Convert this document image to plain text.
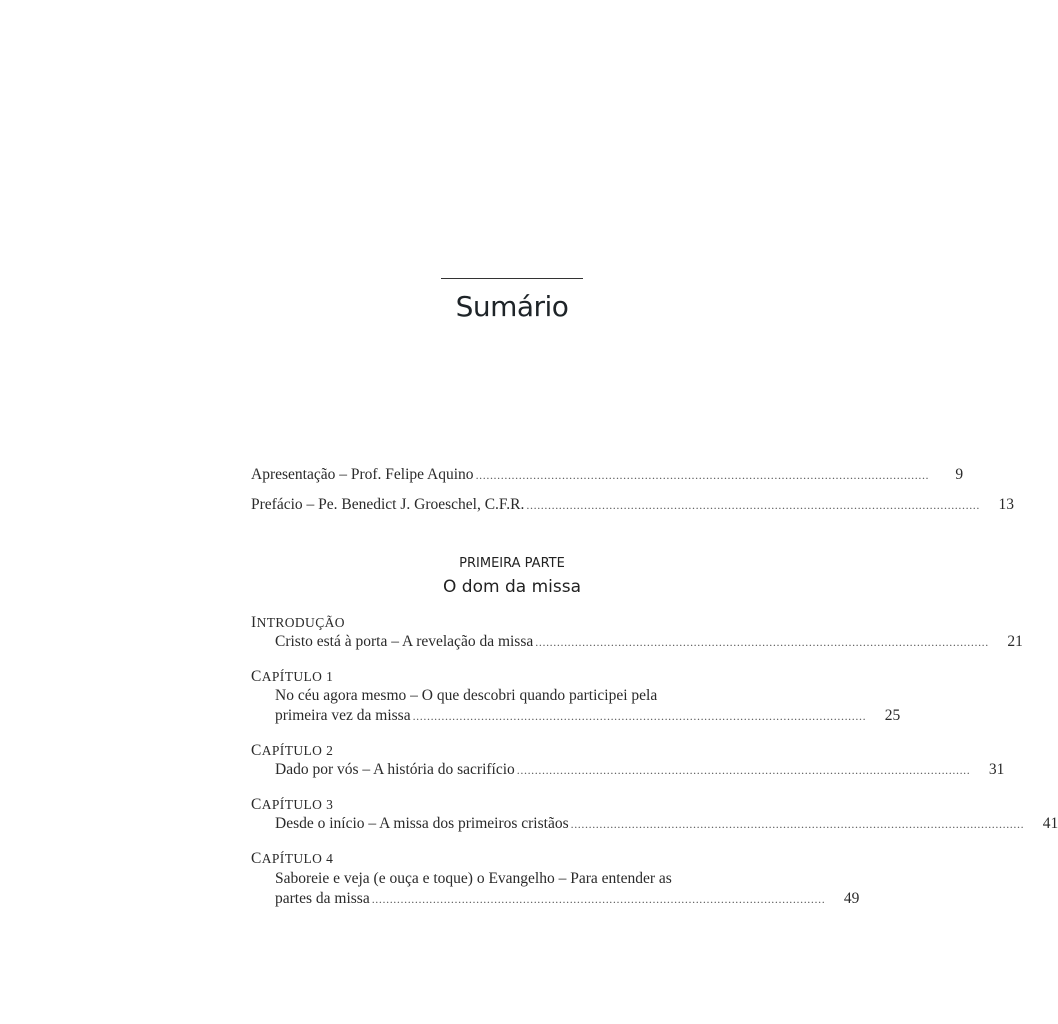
Sumário
Apresentação – Prof. Felipe Aquino ..............................................................................................................................	9
Prefácio – Pe. Benedict J. Groeschel, C.F.R. ..............................................................................................................................	13
PRIMEIRA PARTE
O dom da missa
INTRODUÇÃO
Cristo está à porta – A revelação da missa ..............................................................................................................................	21
CAPÍTULO 1
No céu agora mesmo – O que descobri quando participei pela
primeira vez da missa ..............................................................................................................................	25
CAPÍTULO 2
Dado por vós – A história do sacrifício ..............................................................................................................................	31
CAPÍTULO 3
Desde o início – A missa dos primeiros cristãos ..............................................................................................................................	41
CAPÍTULO 4
Saboreie e veja (e ouça e toque) o Evangelho – Para entender as
partes da missa ..............................................................................................................................	49
